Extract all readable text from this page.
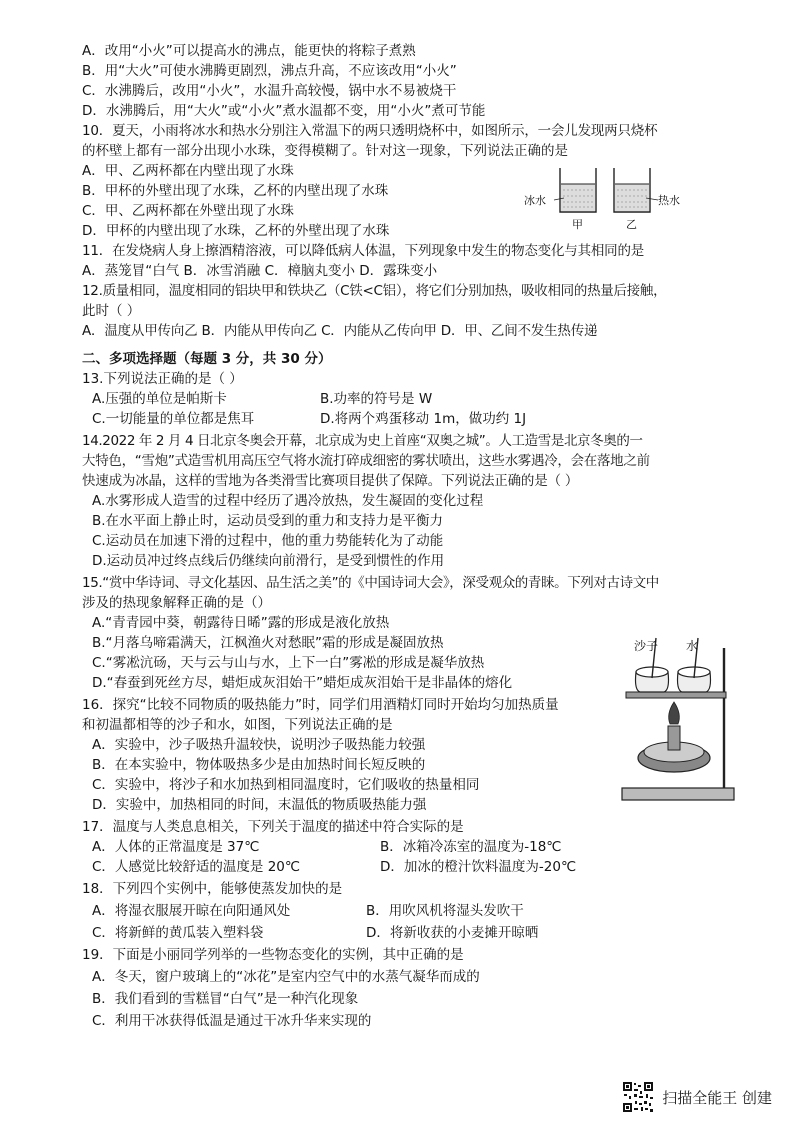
A．改用“小火”可以提高水的沸点，能更快的将粽子煮熟
B．用“大火”可使水沸腾更剧烈，沸点升高，不应该改用“小火”
C．水沸腾后，改用“小火”，水温升高较慢，锅中水不易被烧干
D．水沸腾后，用“大火”或“小火”煮水温都不变，用“小火”煮可节能
10．夏天，小雨将冰水和热水分别注入常温下的两只透明烧杯中，如图所示，一会儿发现两只烧杯
的杯壁上都有一部分出现小水珠，变得模糊了。针对这一现象，下列说法正确的是
A．甲、乙两杯都在内壁出现了水珠
B．甲杯的外壁出现了水珠，乙杯的内壁出现了水珠
C．甲、乙两杯都在外壁出现了水珠
D．甲杯的内壁出现了水珠，乙杯的外壁出现了水珠
冰水	热水
甲	乙
11．在发烧病人身上擦酒精溶液，可以降低病人体温，下列现象中发生的物态变化与其相同的是
A．蒸笼冒“白气 B．冰雪消融 C．樟脑丸变小 D．露珠变小
12.质量相同，温度相同的铝块甲和铁块乙（C铁<C铝），将它们分别加热，吸收相同的热量后接触，
此时（ ）
A．温度从甲传向乙 B．内能从甲传向乙 C．内能从乙传向甲 D．甲、乙间不发生热传递
二、多项选择题（每题 3 分，共 30 分）
13.下列说法正确的是（ ）
A.压强的单位是帕斯卡	B.功率的符号是 W
C.一切能量的单位都是焦耳	D.将两个鸡蛋移动 1m，做功约 1J
14.2022 年 2 月 4 日北京冬奥会开幕，北京成为史上首座“双奥之城”。人工造雪是北京冬奥的一
大特色，“雪炮”式造雪机用高压空气将水流打碎成细密的雾状喷出，这些水雾遇冷，会在落地之前
快速成为冰晶，这样的雪地为各类滑雪比赛项目提供了保障。下列说法正确的是（ ）
A.水雾形成人造雪的过程中经历了遇冷放热，发生凝固的变化过程
B.在水平面上静止时，运动员受到的重力和支持力是平衡力
C.运动员在加速下滑的过程中，他的重力势能转化为了动能
D.运动员冲过终点线后仍继续向前滑行，是受到惯性的作用
15.“赏中华诗词、寻文化基因、品生活之美”的《中国诗词大会》，深受观众的青睐。下列对古诗文中
涉及的热现象解释正确的是（）
A.“青青园中葵，朝露待日晞”露的形成是液化放热
B.“月落乌啼霜满天，江枫渔火对愁眠”霜的形成是凝固放热
C.“雾凇沆砀，天与云与山与水，上下一白”雾凇的形成是凝华放热
D.“春蚕到死丝方尽，蜡炬成灰泪始干”蜡炬成灰泪始干是非晶体的熔化
16．探究“比较不同物质的吸热能力”时，同学们用酒精灯同时开始均匀加热质量
和初温都相等的沙子和水，如图，下列说法正确的是
A．实验中，沙子吸热升温较快，说明沙子吸热能力较强
B．在本实验中，物体吸热多少是由加热时间长短反映的
C．实验中，将沙子和水加热到相同温度时，它们吸收的热量相同
D．实验中，加热相同的时间，末温低的物质吸热能力强
沙子 水
17．温度与人类息息相关，下列关于温度的描述中符合实际的是
A．人体的正常温度是 37℃	B．冰箱冷冻室的温度为-18℃
C．人感觉比较舒适的温度是 20℃	D．加冰的橙汁饮料温度为-20℃
18．下列四个实例中，能够使蒸发加快的是
A．将湿衣服展开晾在向阳通风处	B．用吹风机将湿头发吹干
C．将新鲜的黄瓜装入塑料袋	D．将新收获的小麦摊开晾晒
19．下面是小丽同学列举的一些物态变化的实例，其中正确的是
A．冬天，窗户玻璃上的“冰花”是室内空气中的水蒸气凝华而成的
B．我们看到的雪糕冒“白气”是一种汽化现象
C．利用干冰获得低温是通过干冰升华来实现的
扫描全能王 创建
